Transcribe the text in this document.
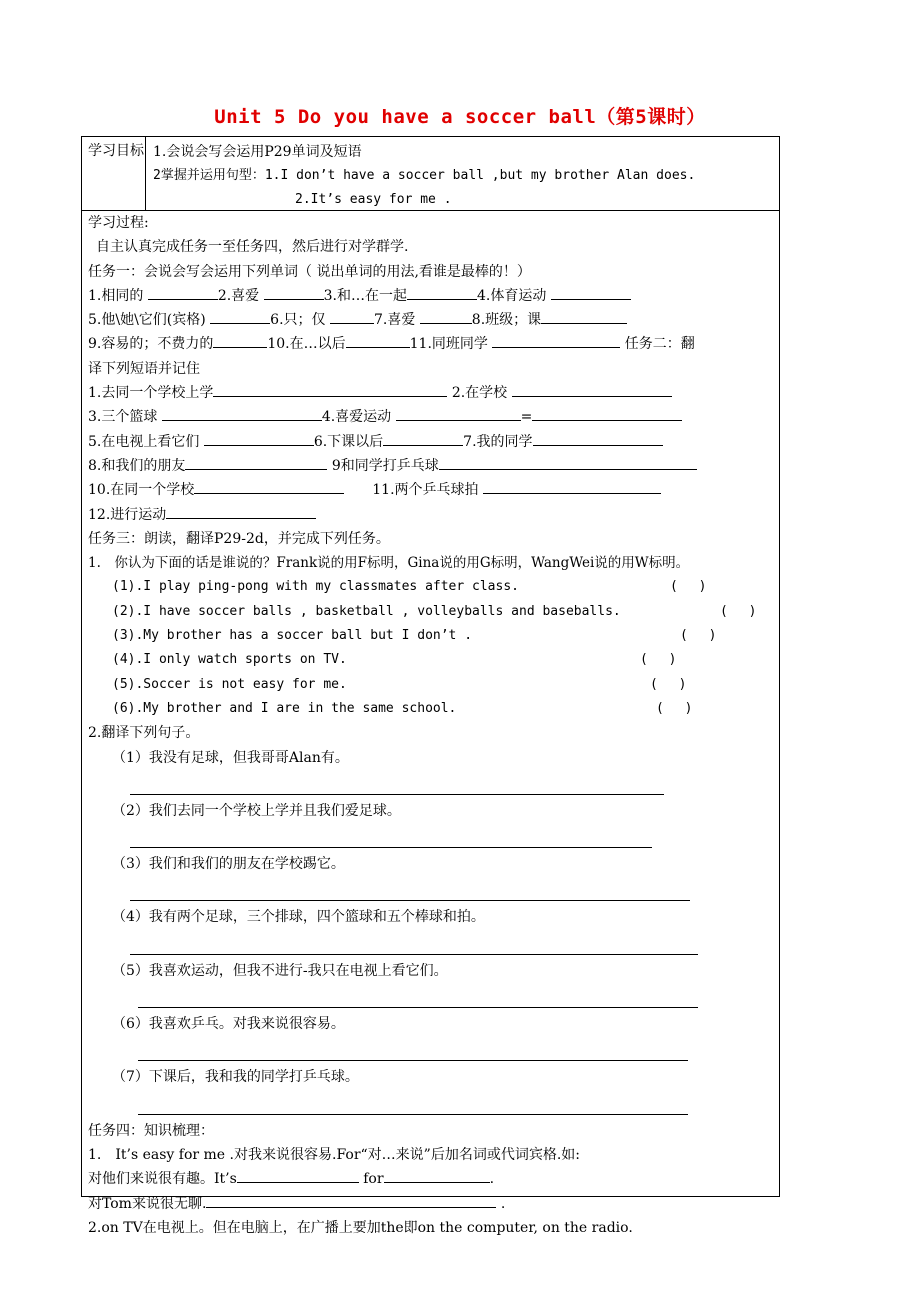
Unit 5 Do you have a soccer ball（第5课时）
学习目标 1.会说会写会运用P29单词及短语
2掌握并运用句型：1.I don’t have a soccer ball ,but my brother Alan does.
2.It’s easy for me .
学习过程:
自主认真完成任务一至任务四，然后进行对学群学.
任务一：会说会写会运用下列单词（ 说出单词的用法,看谁是最棒的！）
1.相同的	2.喜爱	3.和…在一起	4.体育运动
5.他\她\它们(宾格)	6.只；仅	7.喜爱	8.班级；课
9.容易的；不费力的	10.在…以后	11.同班同学	任务二：翻
译下列短语并记住
1.去同一个学校上学	2.在学校
3.三个篮球	4.喜爱运动	=
5.在电视上看它们	6.下课以后	7.我的同学
8.和我们的朋友	9和同学打乒乓球
10.在同一个学校　　	11.两个乒乓球拍
12.进行运动
任务三：朗读，翻译P29-2d，并完成下列任务。
1.　你认为下面的话是谁说的？Frank说的用F标明，Gina说的用G标明，WangWei说的用W标明。
(1).I play ping-pong with my classmates after class.	(　 )
(2).I have soccer balls , basketball , volleyballs and baseballs.	(　 )
(3).My brother has a soccer ball but I don’t .	(　 )
(4).I only watch sports on TV.	(　 )
(5).Soccer is not easy for me.	(　 )
(6).My brother and I are in the same school.	(　 )
2.翻译下列句子。
（1）我没有足球，但我哥哥Alan有。
（2）我们去同一个学校上学并且我们爱足球。
（3）我们和我们的朋友在学校踢它。
（4）我有两个足球，三个排球，四个篮球和五个棒球和拍。
（5）我喜欢运动，但我不进行-我只在电视上看它们。
（6）我喜欢乒乓。对我来说很容易。
（7）下课后，我和我的同学打乒乓球。
任务四：知识梳理：
1.　It’s easy for me .对我来说很容易.For“对…来说”后加名词或代词宾格.如:
对他们来说很有趣。It’s	for	.
对Tom来说很无聊.	.
2.on TV在电视上。但在电脑上，在广播上要加the即on the computer, on the radio.
